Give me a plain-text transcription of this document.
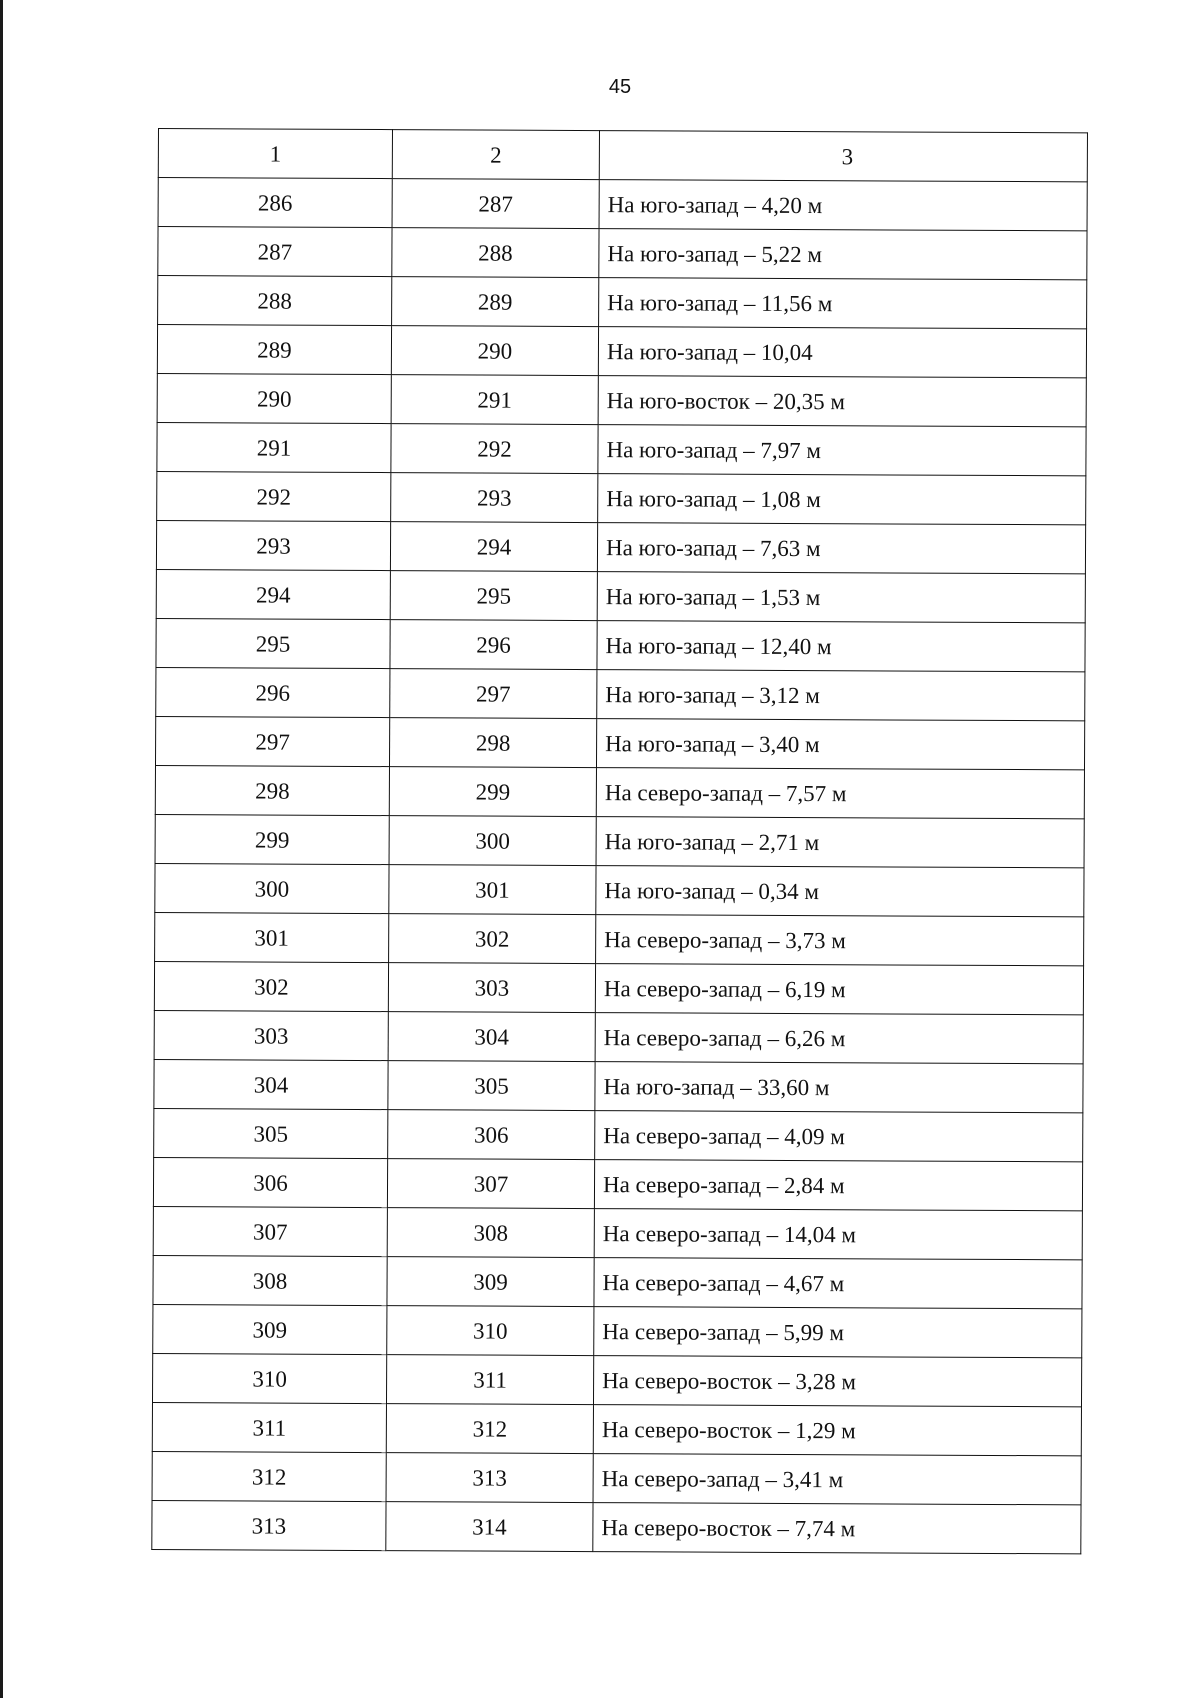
45
1	2	3
286	287	На юго-запад – 4,20 м
287	288	На юго-запад – 5,22 м
288	289	На юго-запад – 11,56 м
289	290	На юго-запад – 10,04
290	291	На юго-восток – 20,35 м
291	292	На юго-запад – 7,97 м
292	293	На юго-запад – 1,08 м
293	294	На юго-запад – 7,63 м
294	295	На юго-запад – 1,53 м
295	296	На юго-запад – 12,40 м
296	297	На юго-запад – 3,12 м
297	298	На юго-запад – 3,40 м
298	299	На северо-запад – 7,57 м
299	300	На юго-запад – 2,71 м
300	301	На юго-запад – 0,34 м
301	302	На северо-запад – 3,73 м
302	303	На северо-запад – 6,19 м
303	304	На северо-запад – 6,26 м
304	305	На юго-запад – 33,60 м
305	306	На северо-запад – 4,09 м
306	307	На северо-запад – 2,84 м
307	308	На северо-запад – 14,04 м
308	309	На северо-запад – 4,67 м
309	310	На северо-запад – 5,99 м
310	311	На северо-восток – 3,28 м
311	312	На северо-восток – 1,29 м
312	313	На северо-запад – 3,41 м
313	314	На северо-восток – 7,74 м
